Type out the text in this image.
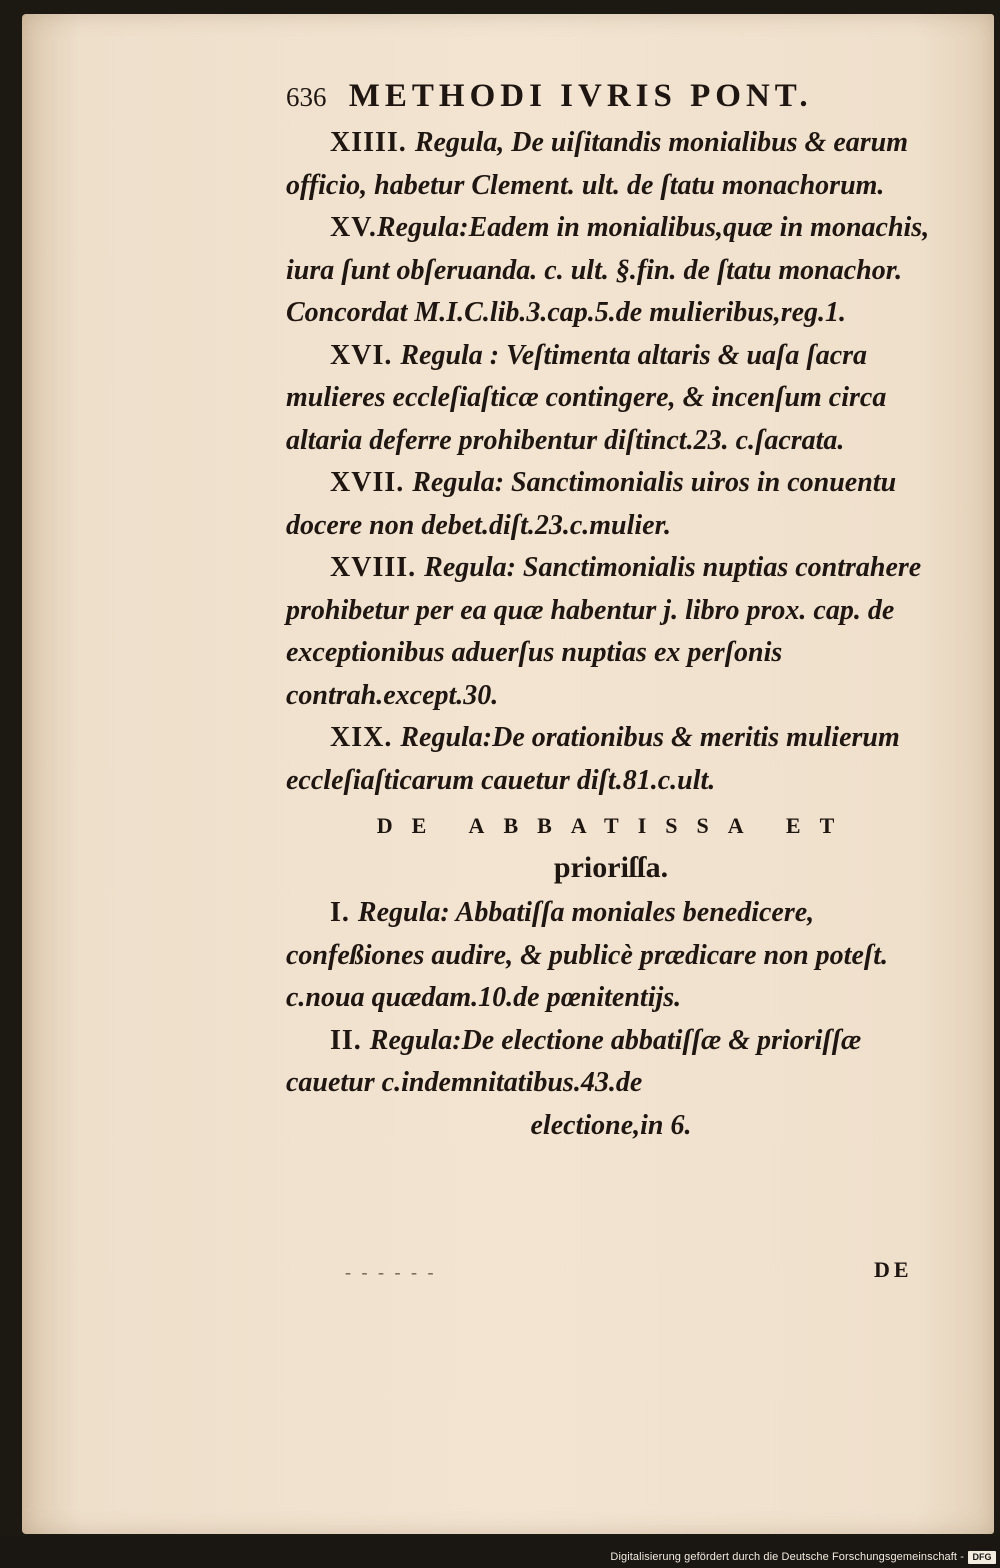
636 METHODI IVRIS PONT.

XIIII. Regula, De uiſitandis monialibus & earum officio, habetur Clement. ult. de ſtatu monachorum.

XV.Regula:Eadem in monialibus,quæ in monachis, iura ſunt obſeruanda. c. ult. §.fin. de ſtatu monachor. Concordat M.I.C.lib.3.cap.5.de mulieribus,reg.1.

XVI. Regula : Veſtimenta altaris & uaſa ſacra mulieres eccleſiaſticæ contingere, & incenſum circa altaria deferre prohibentur diſtinct.23. c.ſacrata.

XVII. Regula: Sanctimonialis uiros in conuentu docere non debet.diſt.23.c.mulier.

XVIII. Regula: Sanctimonialis nuptias contrahere prohibetur per ea quæ habentur j. libro prox. cap. de exceptionibus aduerſus nuptias ex perſonis contrah.except.30.

XIX. Regula:De orationibus & meritis mulierum eccleſiaſticarum cauetur diſt.81.c.ult.

DE ABBATISSA ET
prioriſſa.

I. Regula: Abbatiſſa moniales benedicere, confeßiones audire, & publicè prædicare non poteſt. c.noua quædam.10.de pœnitentijs.

II. Regula:De electione abbatiſſæ & prioriſſæ cauetur c.indemnitatibus.43.de

electione,in 6.
- - - - - -	DE
Digitalisierung gefördert durch die Deutsche Forschungsgemeinschaft - DFG
